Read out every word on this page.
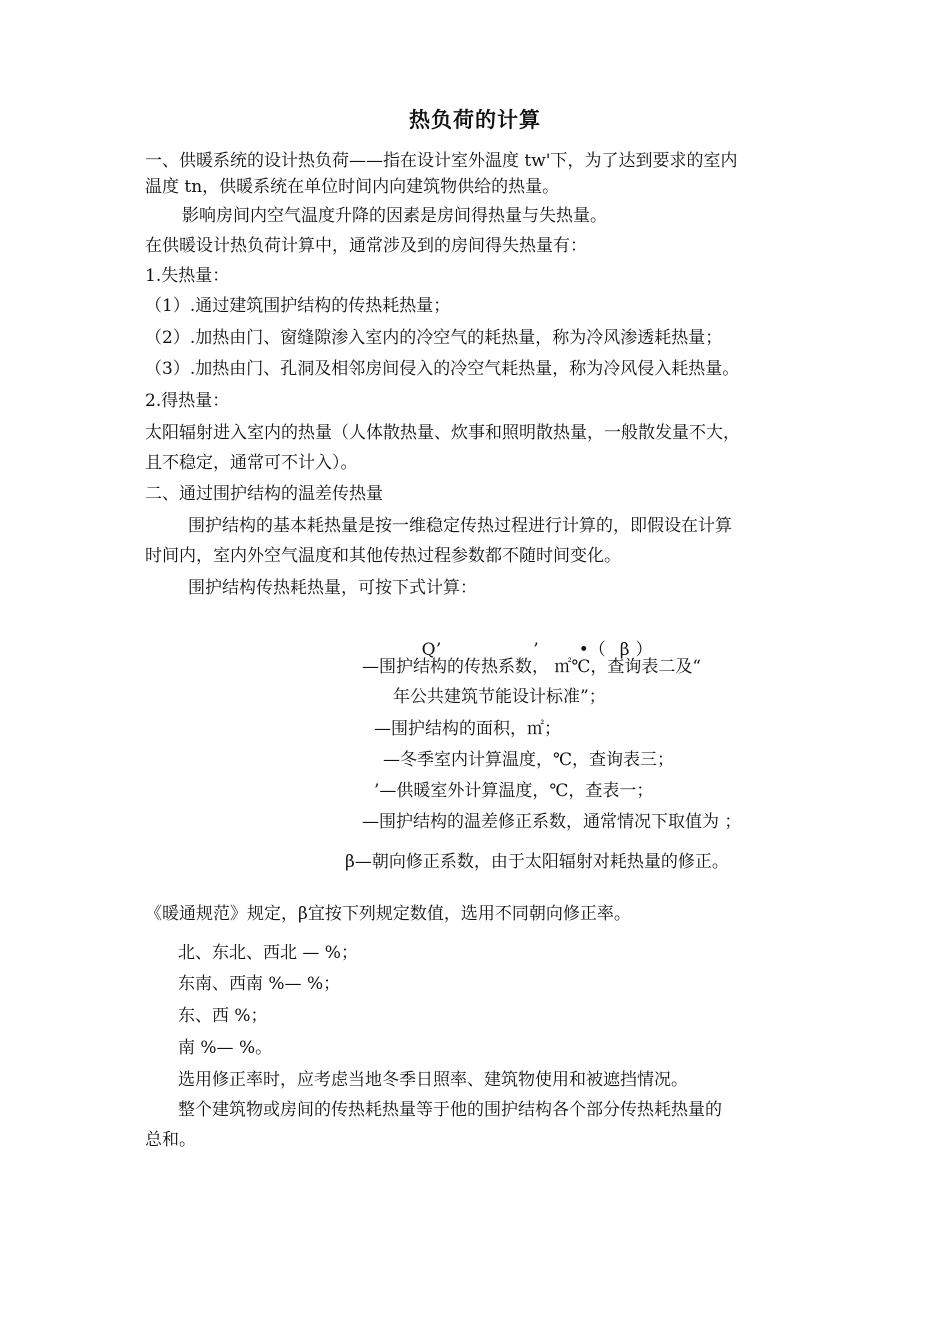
热负荷的计算
一、供暖系统的设计热负荷——指在设计室外温度 tw'下，为了达到要求的室内
温度 tn，供暖系统在单位时间内向建筑物供给的热量。
影响房间内空气温度升降的因素是房间得热量与失热量。
在供暖设计热负荷计算中，通常涉及到的房间得失热量有：
1.失热量：
（1）.通过建筑围护结构的传热耗热量；
（2）.加热由门、窗缝隙渗入室内的冷空气的耗热量，称为冷风渗透耗热量；
（3）.加热由门、孔洞及相邻房间侵入的冷空气耗热量，称为冷风侵入耗热量。
2.得热量：
太阳辐射进入室内的热量（人体散热量、炊事和照明散热量，一般散发量不大，
且不稳定，通常可不计入）。
二、通过围护结构的温差传热量
围护结构的基本耗热量是按一维稳定传热过程进行计算的，即假设在计算
时间内，室内外空气温度和其他传热过程参数都不随时间变化。
围护结构传热耗热量，可按下式计算：

Q’	’ •（ β ）

—围护结构的传热系数， ㎡℃，查询表二及“
年公共建筑节能设计标准”；
—围护结构的面积，㎡；
—冬季室内计算温度，℃，查询表三；
’—供暖室外计算温度，℃，查表一；
—围护结构的温差修正系数，通常情况下取值为 ；
β—朝向修正系数，由于太阳辐射对耗热量的修正。
《暖通规范》规定，β宜按下列规定数值，选用不同朝向修正率。
北、东北、西北 — %；
东南、西南 %— %；
东、西 %；
南 %— %。
选用修正率时，应考虑当地冬季日照率、建筑物使用和被遮挡情况。
整个建筑物或房间的传热耗热量等于他的围护结构各个部分传热耗热量的
总和。
